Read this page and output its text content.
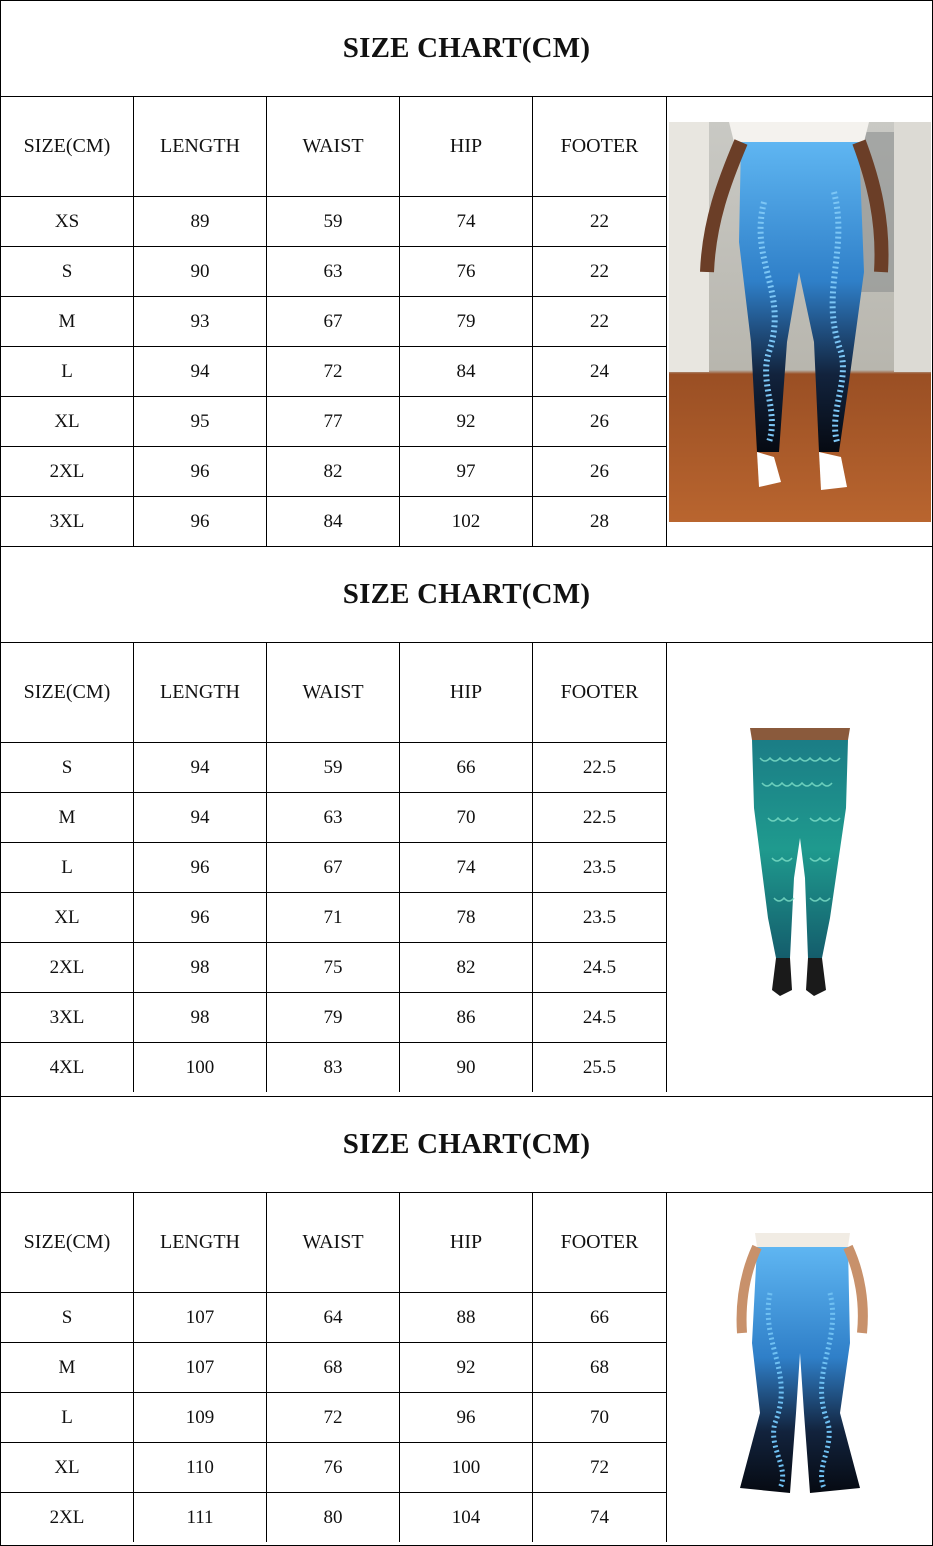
SIZE CHART(CM)
SIZE(CM)	LENGTH	WAIST	HIP	FOOTER
XS	89	59	74	22
S	90	63	76	22
M	93	67	79	22
L	94	72	84	24
XL	95	77	92	26
2XL	96	82	97	26
3XL	96	84	102	28
SIZE CHART(CM)
SIZE(CM)	LENGTH	WAIST	HIP	FOOTER
S	94	59	66	22.5
M	94	63	70	22.5
L	96	67	74	23.5
XL	96	71	78	23.5
2XL	98	75	82	24.5
3XL	98	79	86	24.5
4XL	100	83	90	25.5
SIZE CHART(CM)
SIZE(CM)	LENGTH	WAIST	HIP	FOOTER
S	107	64	88	66
M	107	68	92	68
L	109	72	96	70
XL	110	76	100	72
2XL	111	80	104	74
